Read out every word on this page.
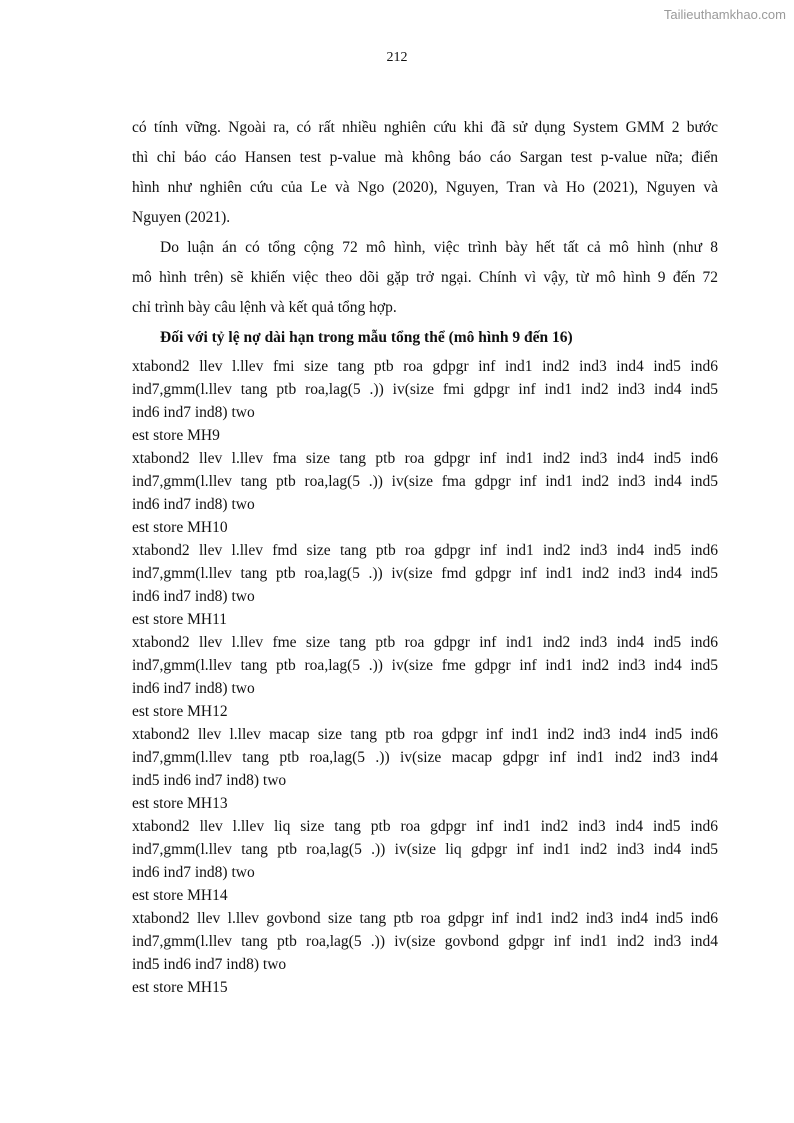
Tailieuthamkhao.com
212

có tính vững. Ngoài ra, có rất nhiều nghiên cứu khi đã sử dụng System GMM 2 bước
thì chỉ báo cáo Hansen test p-value mà không báo cáo Sargan test p-value nữa; điển
hình như nghiên cứu của Le và Ngo (2020), Nguyen, Tran và Ho (2021), Nguyen và
Nguyen (2021).

Do luận án có tổng cộng 72 mô hình, việc trình bày hết tất cả mô hình (như 8
mô hình trên) sẽ khiến việc theo dõi gặp trở ngại. Chính vì vậy, từ mô hình 9 đến 72
chỉ trình bày câu lệnh và kết quả tổng hợp.

Đối với tỷ lệ nợ dài hạn trong mẫu tổng thể (mô hình 9 đến 16)

xtabond2 llev l.llev fmi size tang ptb roa gdpgr inf ind1 ind2 ind3 ind4 ind5 ind6
ind7,gmm(l.llev tang ptb roa,lag(5 .)) iv(size fmi gdpgr inf ind1 ind2 ind3 ind4 ind5
ind6 ind7 ind8) two
est store MH9
xtabond2 llev l.llev fma size tang ptb roa gdpgr inf ind1 ind2 ind3 ind4 ind5 ind6
ind7,gmm(l.llev tang ptb roa,lag(5 .)) iv(size fma gdpgr inf ind1 ind2 ind3 ind4 ind5
ind6 ind7 ind8) two
est store MH10
xtabond2 llev l.llev fmd size tang ptb roa gdpgr inf ind1 ind2 ind3 ind4 ind5 ind6
ind7,gmm(l.llev tang ptb roa,lag(5 .)) iv(size fmd gdpgr inf ind1 ind2 ind3 ind4 ind5
ind6 ind7 ind8) two
est store MH11
xtabond2 llev l.llev fme size tang ptb roa gdpgr inf ind1 ind2 ind3 ind4 ind5 ind6
ind7,gmm(l.llev tang ptb roa,lag(5 .)) iv(size fme gdpgr inf ind1 ind2 ind3 ind4 ind5
ind6 ind7 ind8) two
est store MH12
xtabond2 llev l.llev macap size tang ptb roa gdpgr inf ind1 ind2 ind3 ind4 ind5 ind6
ind7,gmm(l.llev tang ptb roa,lag(5 .)) iv(size macap gdpgr inf ind1 ind2 ind3 ind4
ind5 ind6 ind7 ind8) two
est store MH13
xtabond2 llev l.llev liq size tang ptb roa gdpgr inf ind1 ind2 ind3 ind4 ind5 ind6
ind7,gmm(l.llev tang ptb roa,lag(5 .)) iv(size liq gdpgr inf ind1 ind2 ind3 ind4 ind5
ind6 ind7 ind8) two
est store MH14
xtabond2 llev l.llev govbond size tang ptb roa gdpgr inf ind1 ind2 ind3 ind4 ind5 ind6
ind7,gmm(l.llev tang ptb roa,lag(5 .)) iv(size govbond gdpgr inf ind1 ind2 ind3 ind4
ind5 ind6 ind7 ind8) two
est store MH15
